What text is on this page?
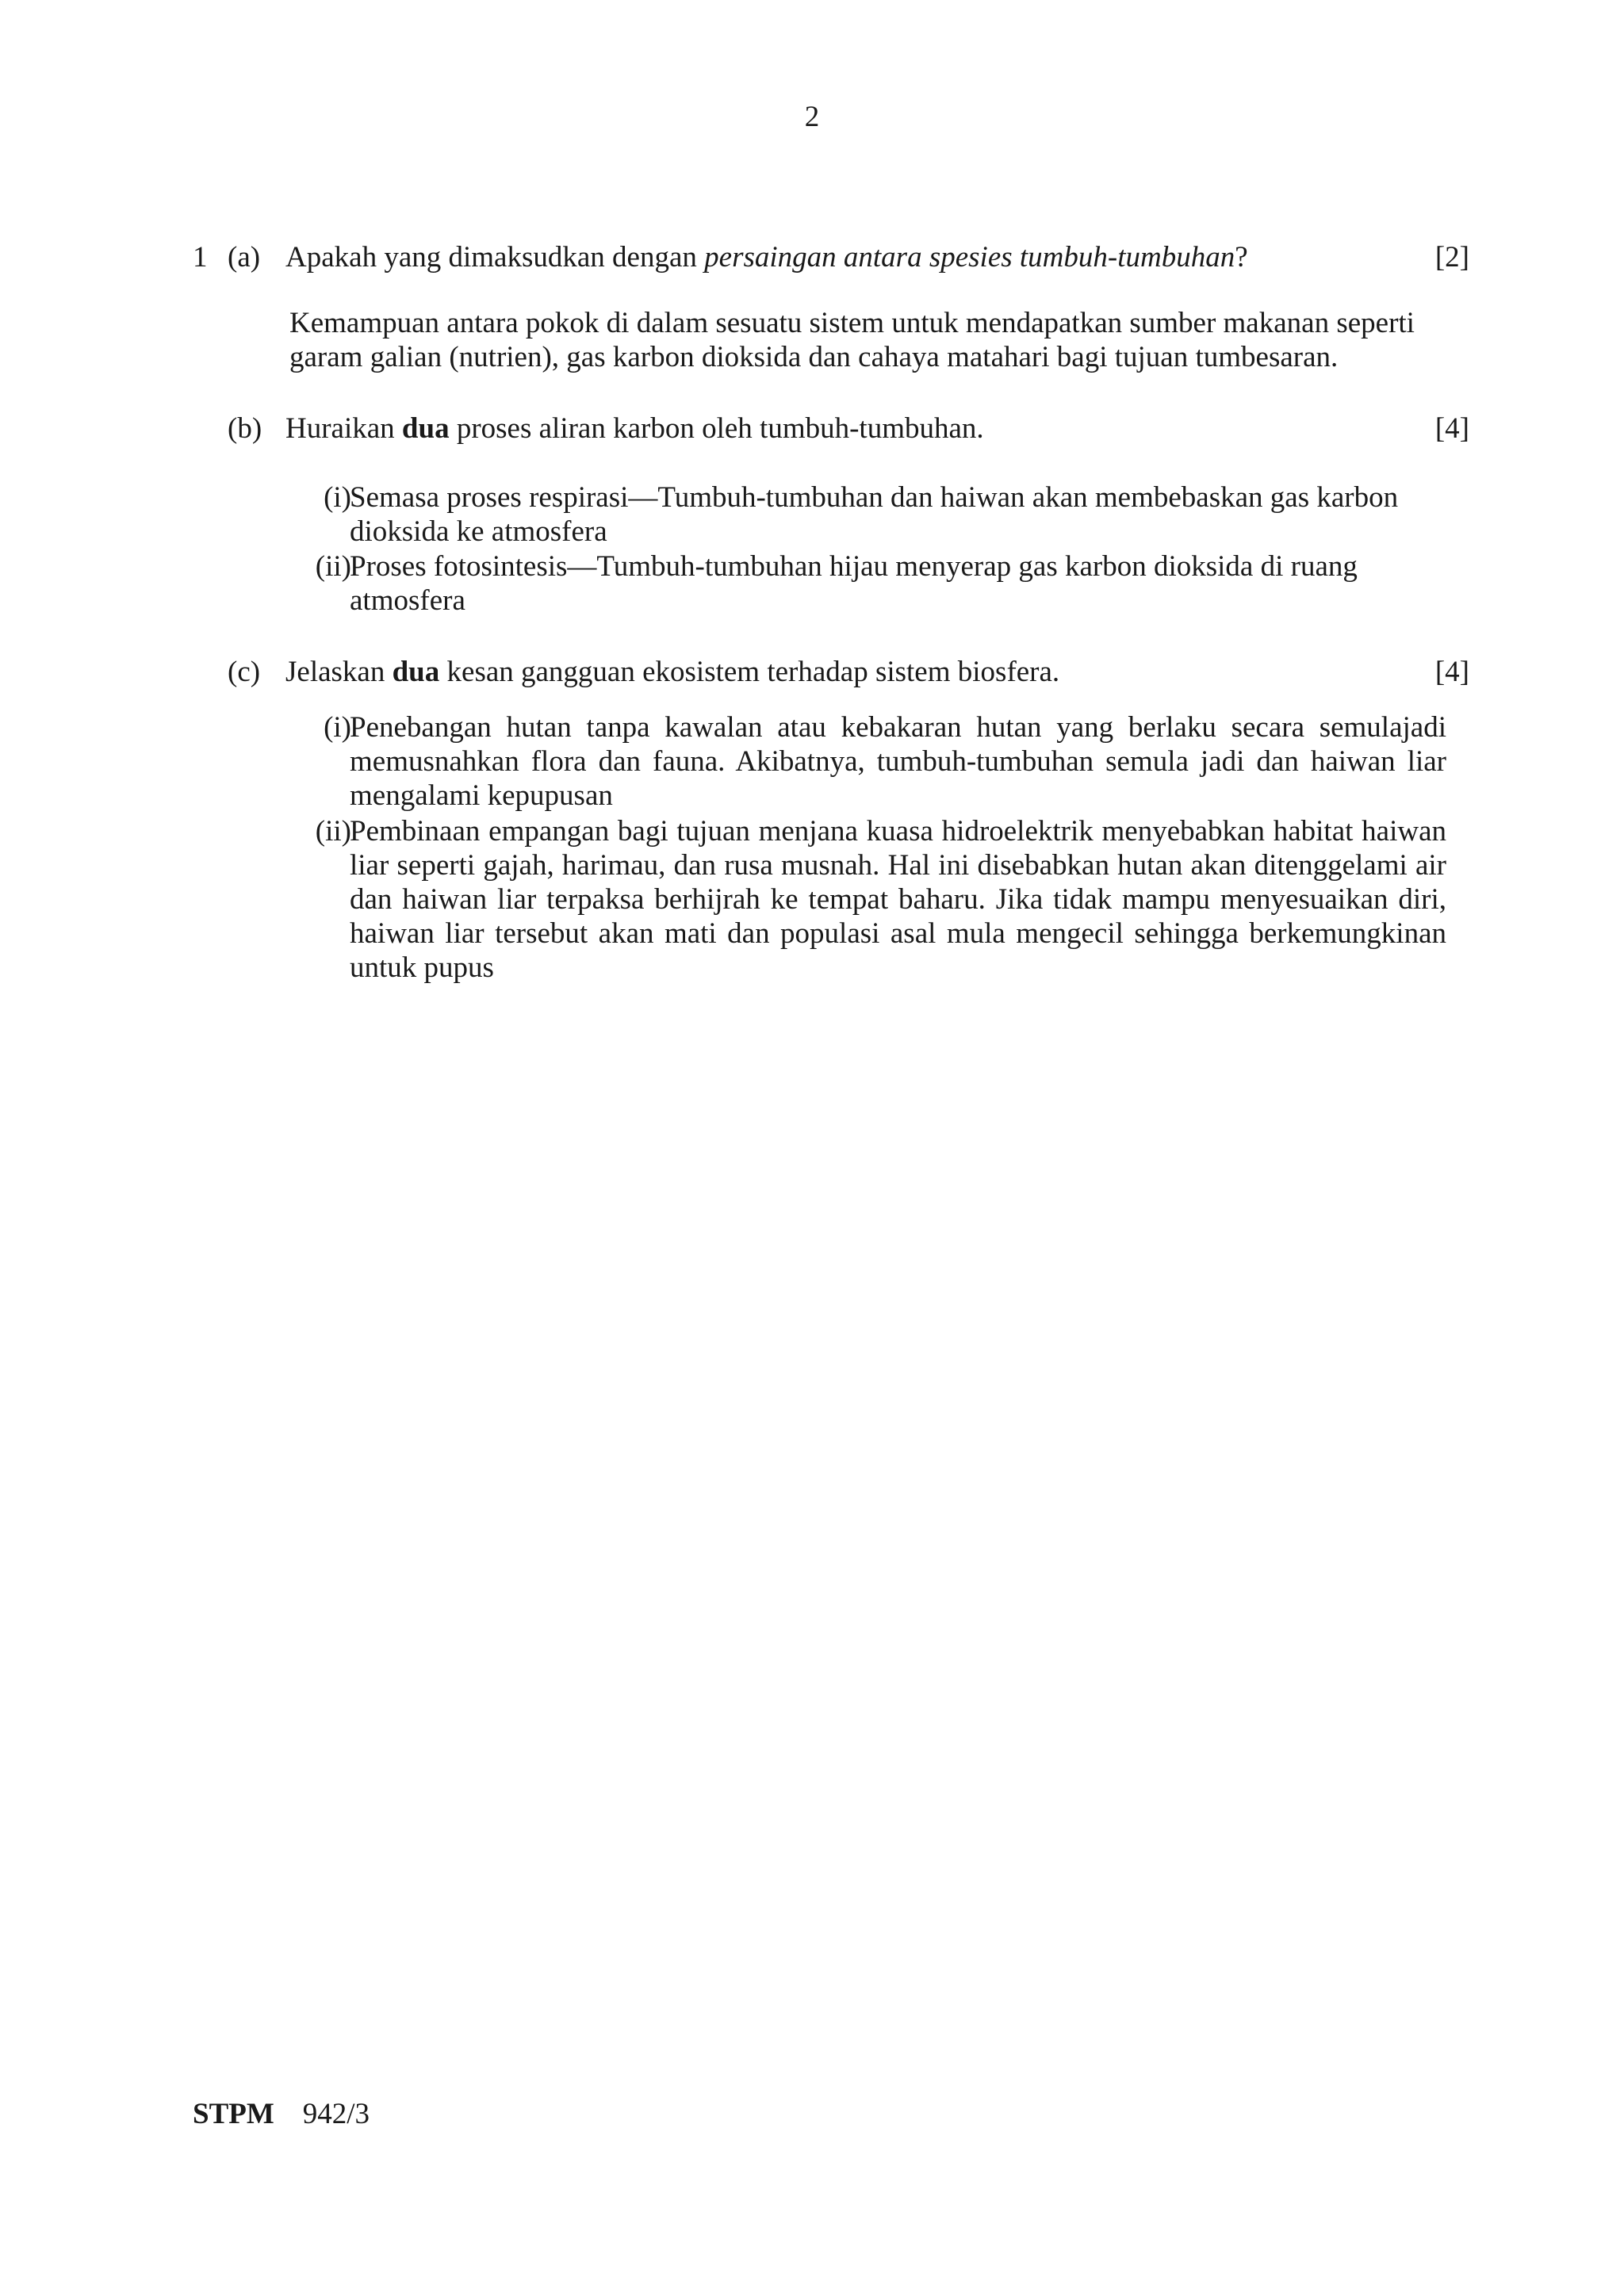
2
1 (a) Apakah yang dimaksudkan dengan persaingan antara spesies tumbuh-tumbuhan?	[2]
Kemampuan antara pokok di dalam sesuatu sistem untuk mendapatkan sumber makanan seperti garam galian (nutrien), gas karbon dioksida dan cahaya matahari bagi tujuan tumbesaran.
(b) Huraikan dua proses aliran karbon oleh tumbuh-tumbuhan.	[4]
(i)
Semasa proses respirasi—Tumbuh-tumbuhan dan haiwan akan membebaskan gas karbon dioksida ke atmosfera
(ii)
Proses fotosintesis—Tumbuh-tumbuhan hijau menyerap gas karbon dioksida di ruang atmosfera
(c) Jelaskan dua kesan gangguan ekosistem terhadap sistem biosfera.	[4]
(i)
Penebangan hutan tanpa kawalan atau kebakaran hutan yang berlaku secara semulajadi memusnahkan flora dan fauna. Akibatnya, tumbuh-tumbuhan semula jadi dan haiwan liar mengalami kepupusan
(ii)
Pembinaan empangan bagi tujuan menjana kuasa hidroelektrik menyebabkan habitat haiwan liar seperti gajah, harimau, dan rusa musnah. Hal ini disebabkan hutan akan ditenggelami air dan haiwan liar terpaksa berhijrah ke tempat baharu. Jika tidak mampu menyesuaikan diri, haiwan liar tersebut akan mati dan populasi asal mula mengecil sehingga berkemungkinan untuk pupus
STPM 942/3
